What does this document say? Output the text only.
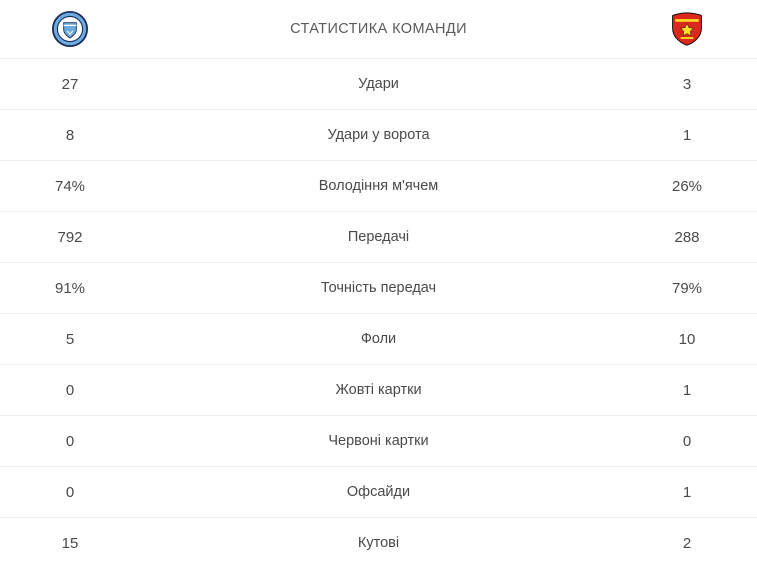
СТАТИСТИКА КОМАНДИ
27	Удари	3
8	Удари у ворота	1
74%	Володіння м'ячем	26%
792	Передачі	288
91%	Точність передач	79%
5	Фоли	10
0	Жовті картки	1
0	Червоні картки	0
0	Офсайди	1
15	Кутові	2
